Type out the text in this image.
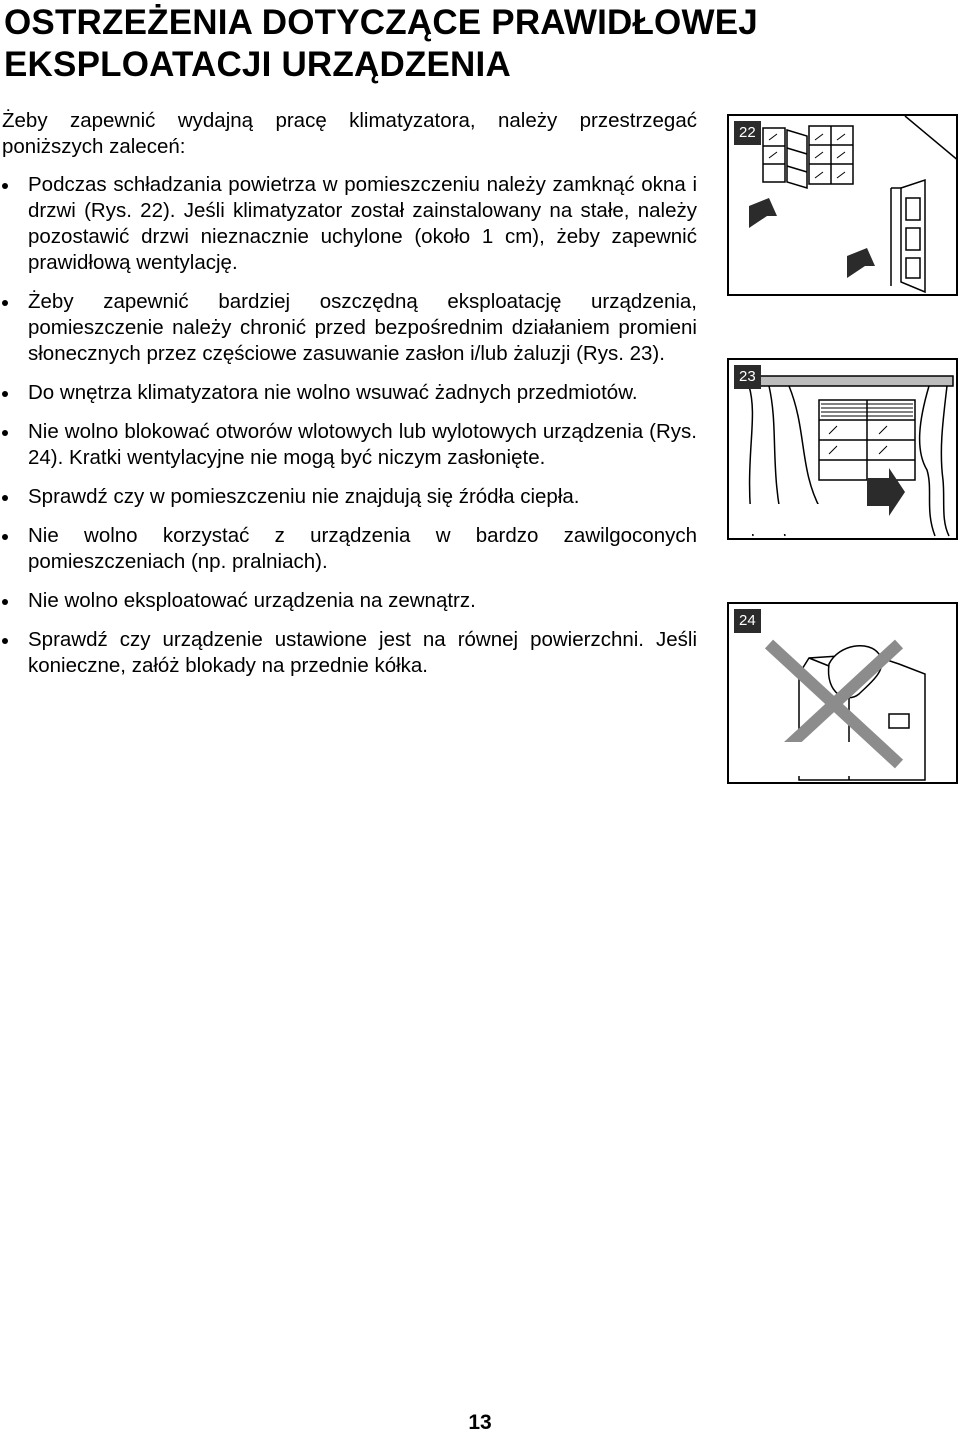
OSTRZEŻENIA DOTYCZĄCE PRAWIDŁOWEJ EKSPLOATACJI URZĄDZENIA

Żeby zapewnić wydajną pracę klimatyzatora, należy przestrzegać poniższych zaleceń:

Podczas schładzania powietrza w pomieszczeniu należy zamknąć okna i drzwi (Rys. 22). Jeśli klimatyzator został zainstalowany na stałe, należy pozostawić drzwi nieznacznie uchylone (około 1 cm), żeby zapewnić prawidłową wentylację.
Żeby zapewnić bardziej oszczędną eksploatację urządzenia, pomieszczenie należy chronić przed bezpośrednim działaniem promieni słonecznych przez częściowe zasuwanie zasłon i/lub żaluzji (Rys. 23).
Do wnętrza klimatyzatora nie wolno wsuwać żadnych przedmiotów.
Nie wolno blokować otworów wlotowych lub wylotowych urządzenia (Rys. 24). Kratki wentylacyjne nie mogą być niczym zasłonięte.
Sprawdź czy w pomieszczeniu nie znajdują się źródła ciepła.
Nie wolno korzystać z urządzenia w bardzo zawilgoconych pomieszczeniach (np. pralniach).
Nie wolno eksploatować urządzenia na zewnątrz.
Sprawdź czy urządzenie ustawione jest na równej powierzchni. Jeśli konieczne, załóż blokady na przednie kółka.
22
23
24
13
